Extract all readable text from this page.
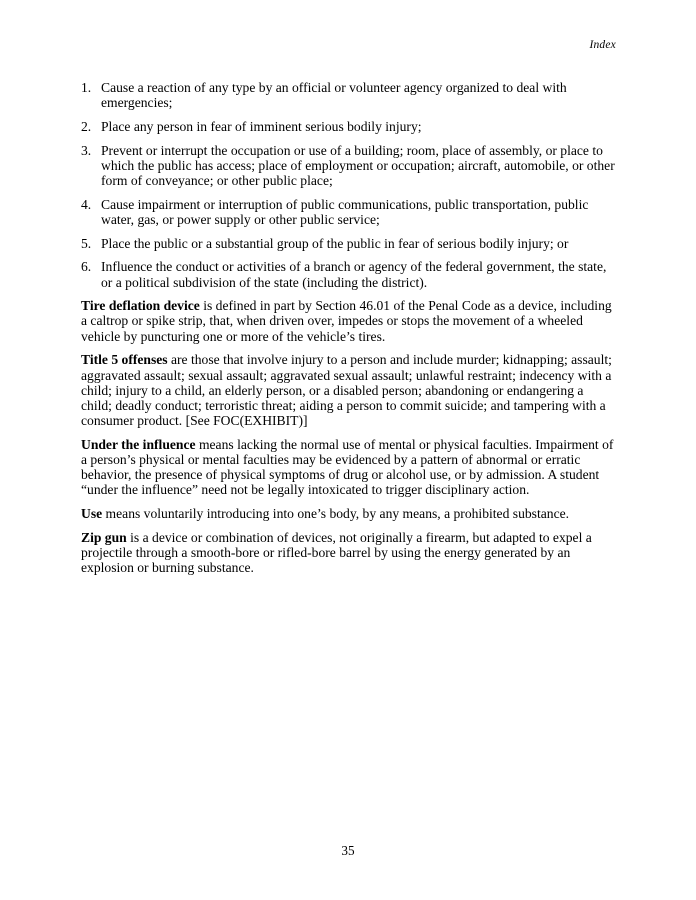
Index
1. Cause a reaction of any type by an official or volunteer agency organized to deal with emergencies;
2. Place any person in fear of imminent serious bodily injury;
3. Prevent or interrupt the occupation or use of a building; room, place of assembly, or place to which the public has access; place of employment or occupation; aircraft, automobile, or other form of conveyance; or other public place;
4. Cause impairment or interruption of public communications, public transportation, public water, gas, or power supply or other public service;
5. Place the public or a substantial group of the public in fear of serious bodily injury; or
6. Influence the conduct or activities of a branch or agency of the federal government, the state, or a political subdivision of the state (including the district).

Tire deflation device is defined in part by Section 46.01 of the Penal Code as a device, including a caltrop or spike strip, that, when driven over, impedes or stops the movement of a wheeled vehicle by puncturing one or more of the vehicle’s tires.

Title 5 offenses are those that involve injury to a person and include murder; kidnapping; assault; aggravated assault; sexual assault; aggravated sexual assault; unlawful restraint; indecency with a child; injury to a child, an elderly person, or a disabled person; abandoning or endangering a child; deadly conduct; terroristic threat; aiding a person to commit suicide; and tampering with a consumer product. [See FOC(EXHIBIT)]

Under the influence means lacking the normal use of mental or physical faculties. Impairment of a person’s physical or mental faculties may be evidenced by a pattern of abnormal or erratic behavior, the presence of physical symptoms of drug or alcohol use, or by admission. A student “under the influence” need not be legally intoxicated to trigger disciplinary action.

Use means voluntarily introducing into one’s body, by any means, a prohibited substance.

Zip gun is a device or combination of devices, not originally a firearm, but adapted to expel a projectile through a smooth-bore or rifled-bore barrel by using the energy generated by an explosion or burning substance.

35
